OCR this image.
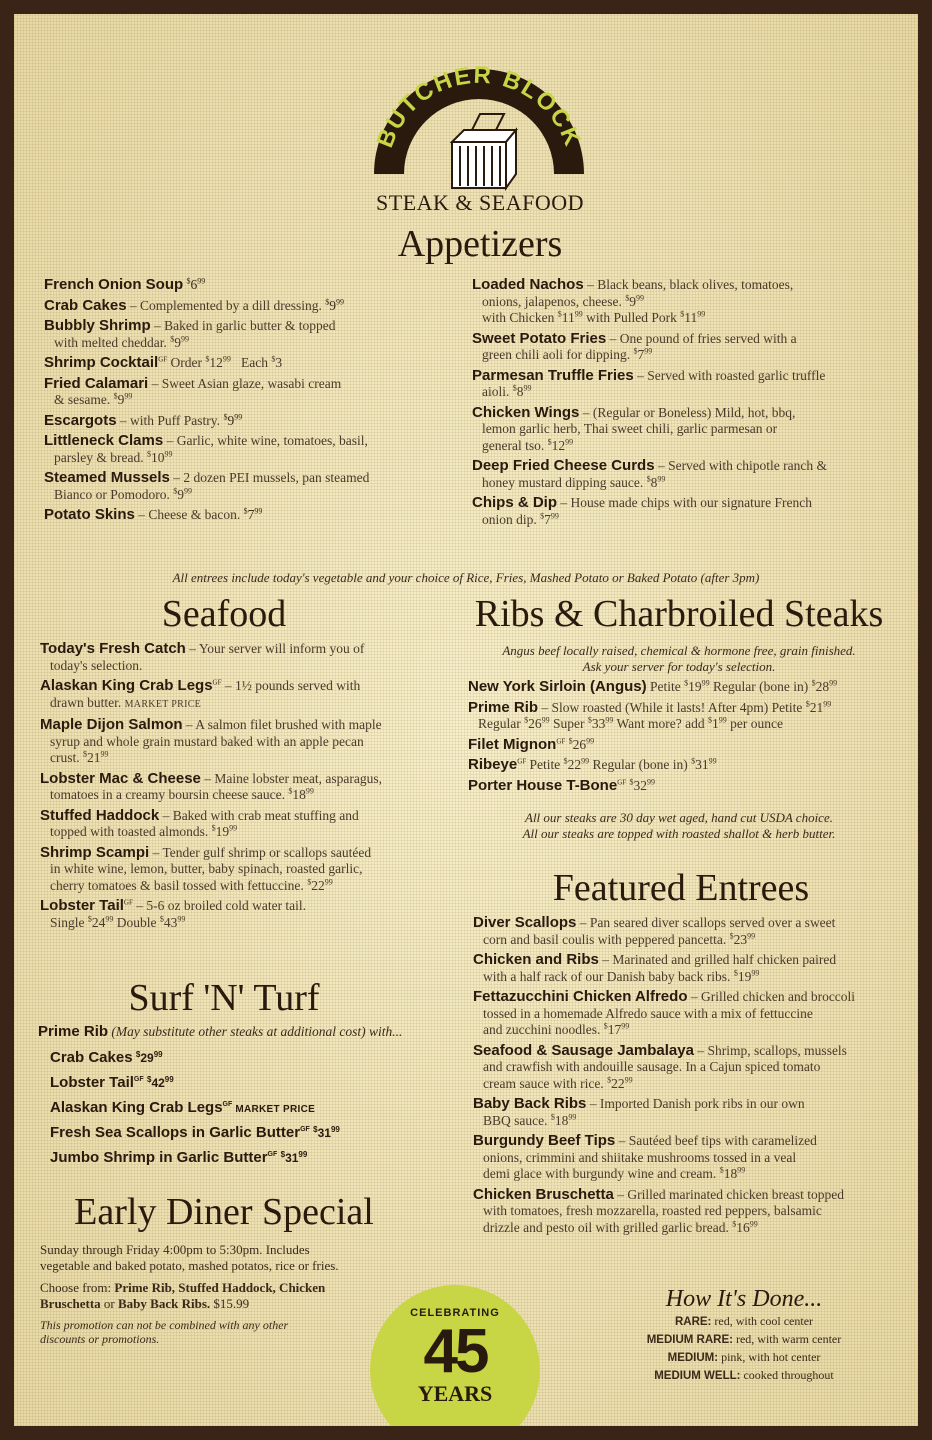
BUTCHER BLOCK
STEAK & SEAFOOD
Appetizers
French Onion Soup $^{\$}6^{99}$
Crab Cakes – Complemented by a dill dressing. $^{\$}9^{99}$
Bubbly Shrimp – Baked in garlic butter & topped
with melted cheddar. $^{\$}9^{99}$
Shrimp Cocktail$^{GF}$ Order $^{\$}12^{99}$   Each $3
Fried Calamari – Sweet Asian glaze, wasabi cream
& sesame. $^{\$}9^{99}$
Escargots – with Puff Pastry. $^{\$}9^{99}$
Littleneck Clams – Garlic, white wine, tomatoes, basil,
parsley & bread. $^{\$}10^{99}$
Steamed Mussels – 2 dozen PEI mussels, pan steamed
Bianco or Pomodoro. $^{\$}9^{99}$
Potato Skins – Cheese & bacon. $^{\$}7^{99}$
Loaded Nachos – Black beans, black olives, tomatoes,
onions, jalapenos, cheese. $^{\$}9^{99}$
with Chicken $^{\$}11^{99}$ with Pulled Pork $^{\$}11^{99}$
Sweet Potato Fries – One pound of fries served with a
green chili aoli for dipping. $^{\$}7^{99}$
Parmesan Truffle Fries – Served with roasted garlic truffle
aioli. $^{\$}8^{99}$
Chicken Wings – (Regular or Boneless) Mild, hot, bbq,
lemon garlic herb, Thai sweet chili, garlic parmesan or
general tso. $^{\$}12^{99}$
Deep Fried Cheese Curds – Served with chipotle ranch &
honey mustard dipping sauce. $^{\$}8^{99}$
Chips & Dip – House made chips with our signature French
onion dip. $^{\$}7^{99}$
All entrees include today's vegetable and your choice of Rice, Fries, Mashed Potato or Baked Potato (after 3pm)
Seafood
Today's Fresh Catch – Your server will inform you of
today's selection.
Alaskan King Crab Legs$^{GF}$ – 1½ pounds served with
drawn butter. MARKET PRICE
Maple Dijon Salmon – A salmon filet brushed with maple
syrup and whole grain mustard baked with an apple pecan
crust. $^{\$}21^{99}$
Lobster Mac & Cheese – Maine lobster meat, asparagus,
tomatoes in a creamy boursin cheese sauce. $^{\$}18^{99}$
Stuffed Haddock – Baked with crab meat stuffing and
topped with toasted almonds. $^{\$}19^{99}$
Shrimp Scampi – Tender gulf shrimp or scallops sautéed
in white wine, lemon, butter, baby spinach, roasted garlic,
cherry tomatoes & basil tossed with fettuccine. $^{\$}22^{99}$
Lobster Tail$^{GF}$ – 5-6 oz broiled cold water tail.
Single $^{\$}24^{99}$ Double $^{\$}43^{99}$
Ribs & Charbroiled Steaks
Angus beef locally raised, chemical & hormone free, grain finished.
Ask your server for today's selection.
New York Sirloin (Angus) Petite $^{\$}19^{99}$ Regular (bone in) $^{\$}28^{99}$
Prime Rib – Slow roasted (While it lasts! After 4pm) Petite $^{\$}21^{99}$
Regular $^{\$}26^{99}$ Super $^{\$}33^{99}$ Want more? add $^{\$}1^{99}$ per ounce
Filet Mignon$^{GF}$ $^{\$}26^{99}$
Ribeye$^{GF}$ Petite $^{\$}22^{99}$ Regular (bone in) $^{\$}31^{99}$
Porter House T-Bone$^{GF}$ $^{\$}32^{99}$
All our steaks are 30 day wet aged, hand cut USDA choice.
All our steaks are topped with roasted shallot & herb butter.
Featured Entrees
Diver Scallops – Pan seared diver scallops served over a sweet
corn and basil coulis with peppered pancetta. $^{\$}23^{99}$
Chicken and Ribs – Marinated and grilled half chicken paired
with a half rack of our Danish baby back ribs. $^{\$}19^{99}$
Fettazucchini Chicken Alfredo – Grilled chicken and broccoli
tossed in a homemade Alfredo sauce with a mix of fettuccine
and zucchini noodles. $^{\$}17^{99}$
Seafood & Sausage Jambalaya – Shrimp, scallops, mussels
and crawfish with andouille sausage. In a Cajun spiced tomato
cream sauce with rice. $^{\$}22^{99}$
Baby Back Ribs – Imported Danish pork ribs in our own
BBQ sauce. $^{\$}18^{99}$
Burgundy Beef Tips – Sautéed beef tips with caramelized
onions, crimmini and shiitake mushrooms tossed in a veal
demi glace with burgundy wine and cream. $^{\$}18^{99}$
Chicken Bruschetta – Grilled marinated chicken breast topped
with tomatoes, fresh mozzarella, roasted red peppers, balsamic
drizzle and pesto oil with grilled garlic bread. $^{\$}16^{99}$
Surf 'N' Turf
Prime Rib (May substitute other steaks at additional cost) with...
Crab Cakes $^{\$}29^{99}$
Lobster Tail$^{GF}$ $^{\$}42^{99}$
Alaskan King Crab Legs$^{GF}$ MARKET PRICE
Fresh Sea Scallops in Garlic Butter$^{GF}$ $^{\$}31^{99}$
Jumbo Shrimp in Garlic Butter$^{GF}$ $^{\$}31^{99}$
Early Diner Special
Sunday through Friday 4:00pm to 5:30pm. Includes
vegetable and baked potato, mashed potatos, rice or fries.
Choose from: Prime Rib, Stuffed Haddock, Chicken
Bruschetta or Baby Back Ribs. $15.99
This promotion can not be combined with any other
discounts or promotions.
CELEBRATING
45
YEARS
How It's Done...
RARE: red, with cool center
MEDIUM RARE: red, with warm center
MEDIUM: pink, with hot center
MEDIUM WELL: cooked throughout
